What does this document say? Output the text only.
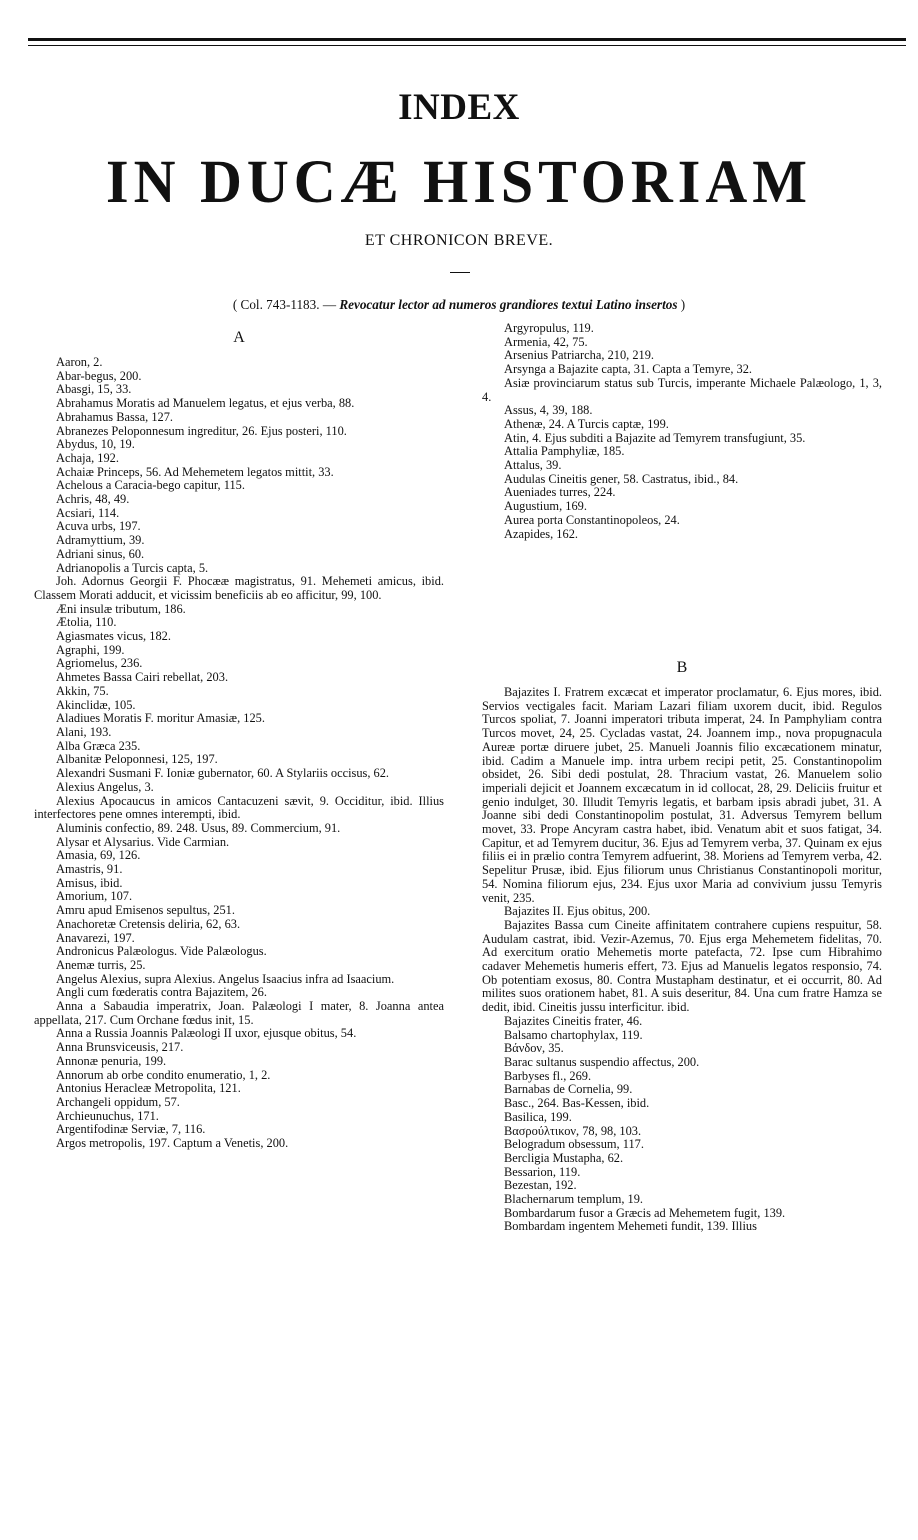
INDEX
IN DUCÆ HISTORIAM
ET CHRONICON BREVE.
( Col. 743-1183. — Revocatur lector ad numeros grandiores textui Latino insertos )
A
Aaron, 2.
Abar-begus, 200.
Abasgi, 15, 33.
Abrahamus Moratis ad Manuelem legatus, et ejus verba, 88.
Abrahamus Bassa, 127.
Abranezes Peloponnesum ingreditur, 26. Ejus posteri, 110.
Abydus, 10, 19.
Achaja, 192.
Achaiæ Princeps, 56. Ad Mehemetem legatos mittit, 33.
Achelous a Caracia-bego capitur, 115.
Achris, 48, 49.
Acsiari, 114.
Acuva urbs, 197.
Adramyttium, 39.
Adriani sinus, 60.
Adrianopolis a Turcis capta, 5.
Joh. Adornus Georgii F. Phocææ magistratus, 91. Mehemeti amicus, ibid. Classem Morati adducit, et vicissim beneficiis ab eo afficitur, 99, 100.
Æni insulæ tributum, 186.
Ætolia, 110.
Agiasmates vicus, 182.
Agraphi, 199.
Agriomelus, 236.
Ahmetes Bassa Cairi rebellat, 203.
Akkin, 75.
Akinclidæ, 105.
Aladiues Moratis F. moritur Amasiæ, 125.
Alani, 193.
Alba Græca 235.
Albanitæ Peloponnesi, 125, 197.
Alexandri Susmani F. Ioniæ gubernator, 60. A Stylariis occisus, 62.
Alexius Angelus, 3.
Alexius Apocaucus in amicos Cantacuzeni sævit, 9. Occiditur, ibid. Illius interfectores pene omnes interempti, ibid.
Aluminis confectio, 89. 248. Usus, 89. Commercium, 91.
Alysar et Alysarius. Vide Carmian.
Amasia, 69, 126.
Amastris, 91.
Amisus, ibid.
Amorium, 107.
Amru apud Emisenos sepultus, 251.
Anachoretæ Cretensis deliria, 62, 63.
Anavarezi, 197.
Andronicus Palæologus. Vide Palæologus.
Anemæ turris, 25.
Angelus Alexius, supra Alexius. Angelus Isaacius infra ad Isaacium.
Angli cum fœderatis contra Bajazitem, 26.
Anna a Sabaudia imperatrix, Joan. Palæologi I mater, 8. Joanna antea appellata, 217. Cum Orchane fœdus init, 15.
Anna a Russia Joannis Palæologi II uxor, ejusque obitus, 54.
Anna Brunsviceusis, 217.
Annonæ penuria, 199.
Annorum ab orbe condito enumeratio, 1, 2.
Antonius Heracleæ Metropolita, 121.
Archangeli oppidum, 57.
Archieunuchus, 171.
Argentifodinæ Serviæ, 7, 116.
Argos metropolis, 197. Captum a Venetis, 200.
Argyropulus, 119.
Armenia, 42, 75.
Arsenius Patriarcha, 210, 219.
Arsynga a Bajazite capta, 31. Capta a Temyre, 32.
Asiæ provinciarum status sub Turcis, imperante Michaele Palæologo, 1, 3, 4.
Assus, 4, 39, 188.
Athenæ, 24. A Turcis captæ, 199.
Atin, 4. Ejus subditi a Bajazite ad Temyrem transfugiunt, 35.
Attalia Pamphyliæ, 185.
Attalus, 39.
Audulas Cineitis gener, 58. Castratus, ibid., 84.
Aueniades turres, 224.
Augustium, 169.
Aurea porta Constantinopoleos, 24.
Azapides, 162.
B
Bajazites I. Fratrem excæcat et imperator proclamatur, 6. Ejus mores, ibid. Servios vectigales facit. Mariam Lazari filiam uxorem ducit, ibid. Regulos Turcos spoliat, 7. Joanni imperatori tributa imperat, 24. In Pamphyliam contra Turcos movet, 24, 25. Cycladas vastat, 24. Joannem imp., nova propugnacula Aureæ portæ diruere jubet, 25. Manueli Joannis filio excæcationem minatur, ibid. Cadim a Manuele imp. intra urbem recipi petit, 25. Constantinopolim obsidet, 26. Sibi dedi postulat, 28. Thracium vastat, 26. Manuelem solio imperiali dejicit et Joannem excæcatum in id collocat, 28, 29. Deliciis fruitur et genio indulget, 30. Illudit Temyris legatis, et barbam ipsis abradi jubet, 31. A Joanne sibi dedi Constantinopolim postulat, 31. Adversus Temyrem bellum movet, 33. Prope Ancyram castra habet, ibid. Venatum abit et suos fatigat, 34. Capitur, et ad Temyrem ducitur, 36. Ejus ad Temyrem verba, 37. Quinam ex ejus filiis ei in prælio contra Temyrem adfuerint, 38. Moriens ad Temyrem verba, 42. Sepelitur Prusæ, ibid. Ejus filiorum unus Christianus Constantinopoli moritur, 54. Nomina filiorum ejus, 234. Ejus uxor Maria ad convivium jussu Temyris venit, 235.
Bajazites II. Ejus obitus, 200.
Bajazites Bassa cum Cineite affinitatem contrahere cupiens respuitur, 58. Audulam castrat, ibid. Vezir-Azemus, 70. Ejus erga Mehemetem fidelitas, 70. Ad exercitum oratio Mehemetis morte patefacta, 72. Ipse cum Hibrahimo cadaver Mehemetis humeris effert, 73. Ejus ad Manuelis legatos responsio, 74. Ob potentiam exosus, 80. Contra Mustapham destinatur, et ei occurrit, 80. Ad milites suos orationem habet, 81. A suis deseritur, 84. Una cum fratre Hamza se dedit, ibid. Cineitis jussu interficitur. ibid.
Bajazites Cineitis frater, 46.
Balsamo chartophylax, 119.
Βάνδον, 35.
Barac sultanus suspendio affectus, 200.
Barbyses fl., 269.
Barnabas de Cornelia, 99.
Basc., 264. Bas-Kessen, ibid.
Basilica, 199.
Βασρούλτικον, 78, 98, 103.
Belogradum obsessum, 117.
Bercligia Mustapha, 62.
Bessarion, 119.
Bezestan, 192.
Blachernarum templum, 19.
Bombardarum fusor a Græcis ad Mehemetem fugit, 139.
Bombardam ingentem Mehemeti fundit, 139. Illius
